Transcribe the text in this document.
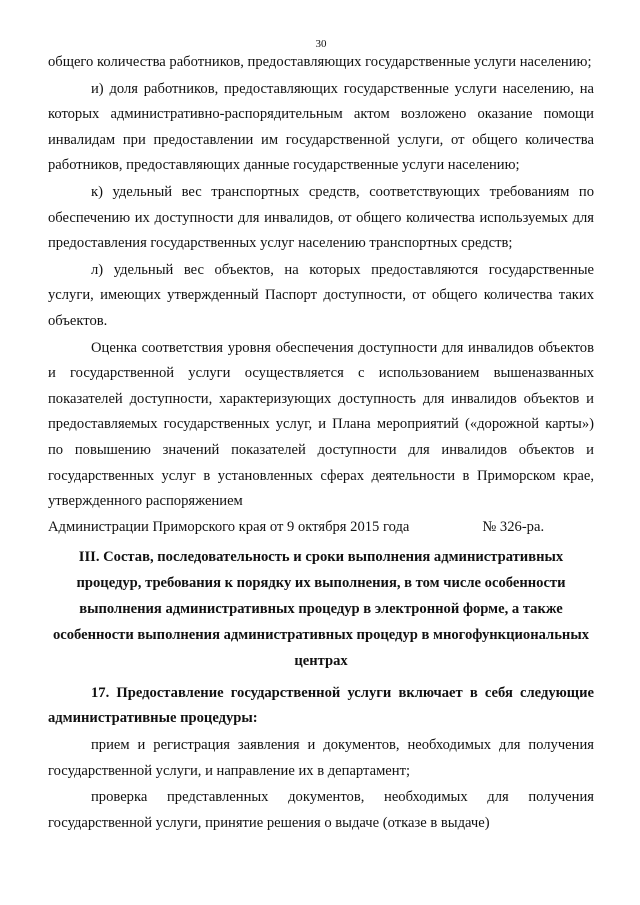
30

общего количества работников, предоставляющих государственные услуги населению;

и) доля работников, предоставляющих государственные услуги населению, на которых административно-распорядительным актом возложено оказание помощи инвалидам при предоставлении им государственной услуги, от общего количества работников, предоставляющих данные государственные услуги населению;

к) удельный вес транспортных средств, соответствующих требованиям по обеспечению их доступности для инвалидов, от общего количества используемых для предоставления государственных услуг населению транспортных средств;

л) удельный вес объектов, на которых предоставляются государственные услуги, имеющих утвержденный Паспорт доступности, от общего количества таких объектов.

Оценка соответствия уровня обеспечения доступности для инвалидов объектов и государственной услуги осуществляется с использованием вышеназванных показателей доступности, характеризующих доступность для инвалидов объектов и предоставляемых государственных услуг, и Плана мероприятий («дорожной карты») по повышению значений показателей доступности для инвалидов объектов и государственных услуг в установленных сферах деятельности в Приморском крае, утвержденного распоряжением

Администрации Приморского края от 9 октября 2015 года                    № 326-ра.

III. Состав, последовательность и сроки выполнения административных процедур, требования к порядку их выполнения, в том числе особенности выполнения административных процедур в электронной форме, а также особенности выполнения административных процедур в многофункциональных центрах

17. Предоставление государственной услуги включает в себя следующие административные процедуры:

прием и регистрация заявления и документов, необходимых для получения государственной услуги, и направление их в департамент;

проверка представленных документов, необходимых для получения государственной услуги, принятие решения о выдаче (отказе в выдаче)
